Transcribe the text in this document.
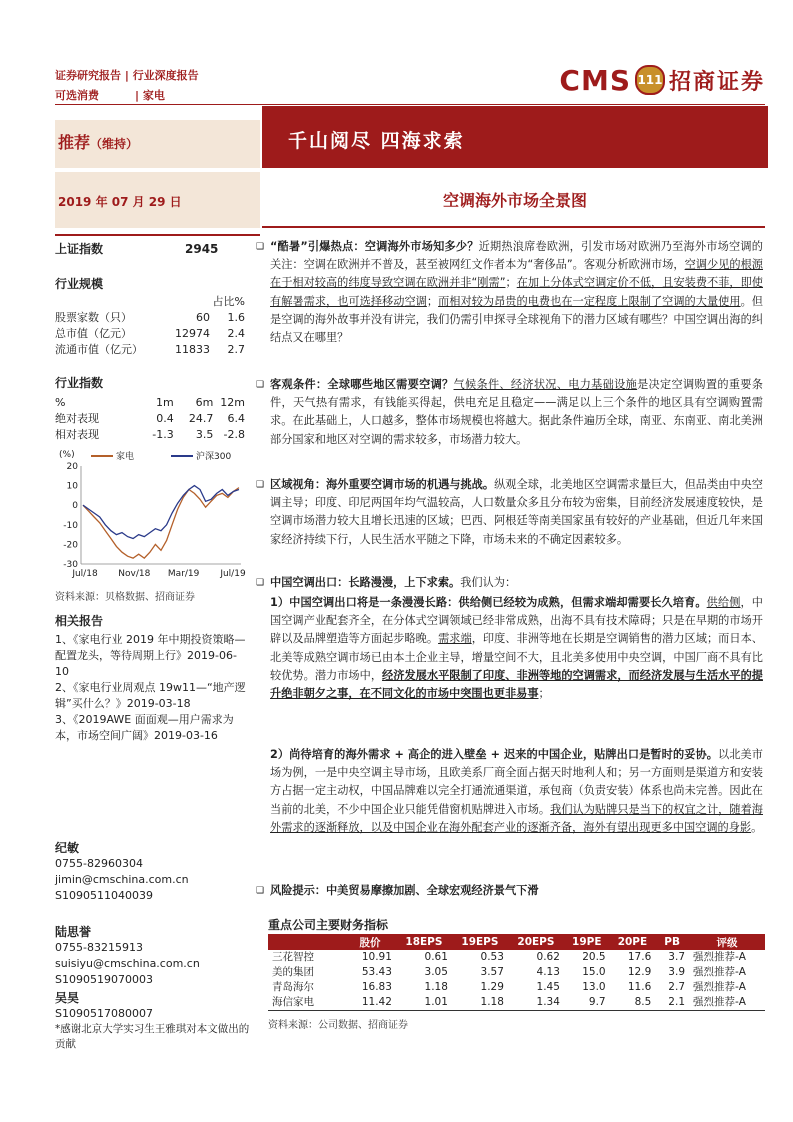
证券研究报告 | 行业深度报告
可选消费	| 家电	CMS 111 招商证券
推荐（维持）	千山阅尽 四海求索
2019 年 07 月 29 日	空调海外市场全景图
上证指数	2945
行业规模
占比%
股票家数（只）	60	1.6
总市值（亿元）	12974	2.4
流通市值（亿元）	11833	2.7
行业指数
%	1m	6m 12m
绝对表现	0.4	24.7	6.4
相对表现	-1.3	3.5 -2.8
(%)
20
10
0
-10
-20
-30
Jul/18 Nov/18 Mar/19 Jul/19
家电	沪深300
资料来源：贝格数据、招商证券
相关报告
1、《家电行业 2019 年中期投资策略—配置龙头，等待周期上行》2019-06-10
2、《家电行业周观点 19w11—“地产逻辑”买什么？》2019-03-18
3、《2019AWE 面面观—用户需求为本，市场空间广阔》2019-03-16
纪敏
0755-82960304
jimin@cmschina.com.cn
S1090511040039
陆思誉
0755-83215913
suisiyu@cmschina.com.cn
S1090519070003
吴昊
S1090517080007
*感谢北京大学实习生王雅琪对本文做出的贡献
❑ “酷暑”引爆热点：空调海外市场知多少？近期热浪席卷欧洲，引发市场对欧洲乃至海外市场空调的关注：空调在欧洲并不普及，甚至被网红文作者本为“奢侈品”。客观分析欧洲市场，空调少见的根源在于相对较高的纬度导致空调在欧洲并非“刚需”；在加上分体式空调定价不低，且安装费不菲，即使有解暑需求，也可选择移动空调；而相对较为昂贵的电费也在一定程度上限制了空调的大量使用。但是空调的海外故事并没有讲完，我们仍需引申探寻全球视角下的潜力区域有哪些？中国空调出海的纠结点又在哪里？
❑ 客观条件：全球哪些地区需要空调？气候条件、经济状况、电力基础设施是决定空调购置的重要条件，天气热有需求，有钱能买得起，供电充足且稳定——满足以上三个条件的地区具有空调购置需求。在此基础上，人口越多，整体市场规模也将越大。据此条件遍历全球，南亚、东南亚、南北美洲部分国家和地区对空调的需求较多，市场潜力较大。
❑ 区域视角：海外重要空调市场的机遇与挑战。纵观全球，北美地区空调需求量巨大，但品类由中央空调主导；印度、印尼两国年均气温较高，人口数量众多且分布较为密集，目前经济发展速度较快，是空调市场潜力较大且增长迅速的区域；巴西、阿根廷等南美国家虽有较好的产业基础，但近几年来国家经济持续下行，人民生活水平随之下降，市场未来的不确定因素较多。
❑ 中国空调出口：长路漫漫，上下求索。我们认为：
1）中国空调出口将是一条漫漫长路：供给侧已经较为成熟，但需求端却需要长久培育。供给侧，中国空调产业配套齐全，在分体式空调领域已经非常成熟，出海不具有技术障碍；只是在早期的市场开辟以及品牌塑造等方面起步略晚。需求端，印度、非洲等地在长期是空调销售的潜力区域；而日本、北美等成熟空调市场已由本土企业主导，增量空间不大，且北美多使用中央空调，中国厂商不具有比较优势。潜力市场中，经济发展水平限制了印度、非洲等地的空调需求，而经济发展与生活水平的提升绝非朝夕之事，在不同文化的市场中突围也更非易事；
2）尚待培育的海外需求 + 高企的进入壁垒 + 迟来的中国企业，贴牌出口是暂时的妥协。以北美市场为例，一是中央空调主导市场，且欧美系厂商全面占据天时地利人和；另一方面则是渠道方和安装方占据一定主动权，中国品牌难以完全打通流通渠道，承包商（负责安装）体系也尚未完善。因此在当前的北美，不少中国企业只能凭借窗机贴牌进入市场。我们认为贴牌只是当下的权宜之计，随着海外需求的逐渐释放，以及中国企业在海外配套产业的逐渐齐备，海外有望出现更多中国空调的身影。
❑ 风险提示：中美贸易摩擦加剧、全球宏观经济景气下滑
重点公司主要财务指标
	股价	18EPS	19EPS	20EPS	19PE	20PE	PB	评级
三花智控	10.91	0.61	0.53	0.62	20.5	17.6	3.7	强烈推荐-A
美的集团	53.43	3.05	3.57	4.13	15.0	12.9	3.9	强烈推荐-A
青岛海尔	16.83	1.18	1.29	1.45	13.0	11.6	2.7	强烈推荐-A
海信家电	11.42	1.01	1.18	1.34	9.7	8.5	2.1	强烈推荐-A
资料来源：公司数据、招商证券
